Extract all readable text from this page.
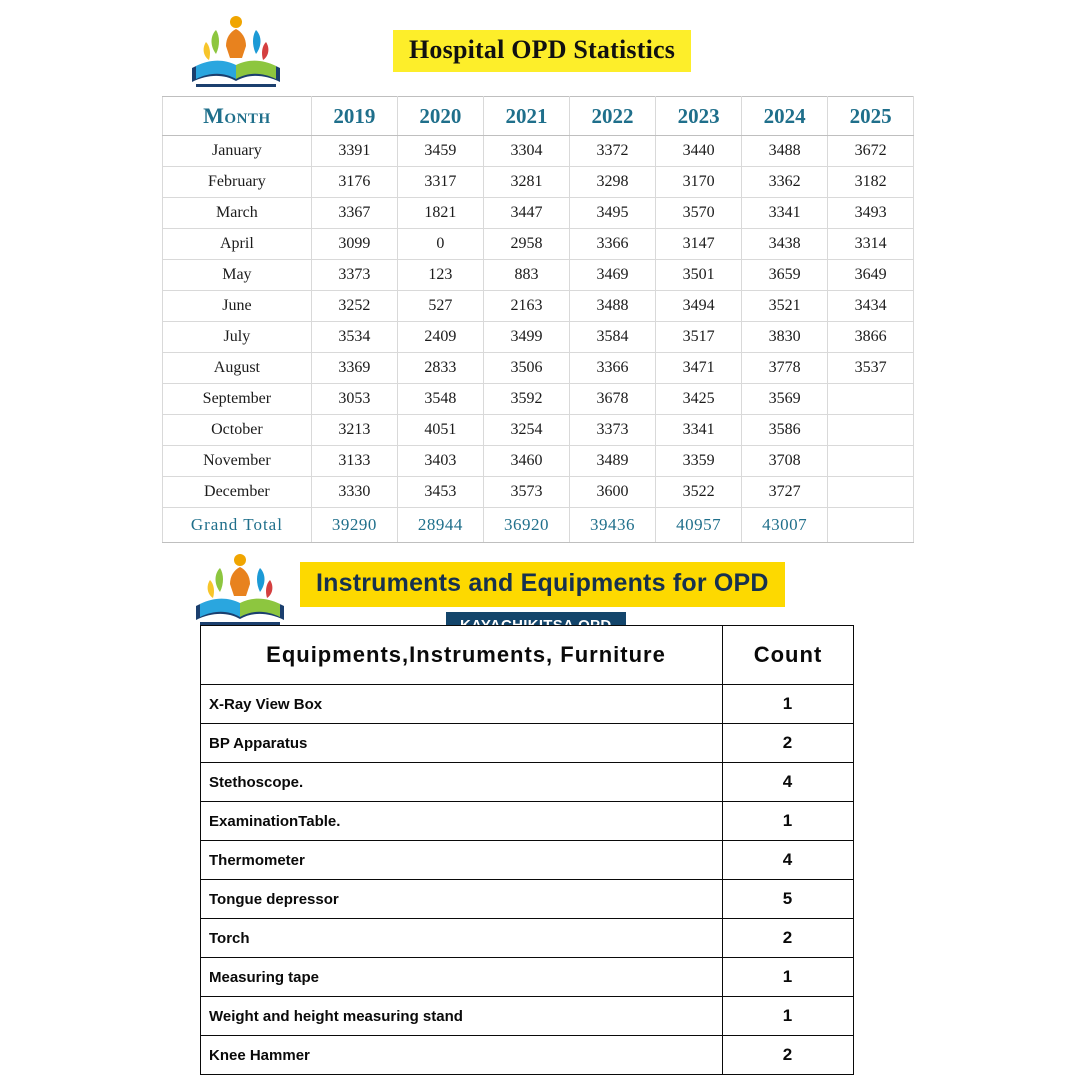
Hospital OPD Statistics
Month	2019	2020	2021	2022	2023	2024	2025
January	3391	3459	3304	3372	3440	3488	3672
February	3176	3317	3281	3298	3170	3362	3182
March	3367	1821	3447	3495	3570	3341	3493
April	3099	0	2958	3366	3147	3438	3314
May	3373	123	883	3469	3501	3659	3649
June	3252	527	2163	3488	3494	3521	3434
July	3534	2409	3499	3584	3517	3830	3866
August	3369	2833	3506	3366	3471	3778	3537
September	3053	3548	3592	3678	3425	3569	
October	3213	4051	3254	3373	3341	3586	
November	3133	3403	3460	3489	3359	3708	
December	3330	3453	3573	3600	3522	3727	
Grand Total	39290	28944	36920	39436	40957	43007	
Instruments and Equipments for OPD
Equipments,Instruments, Furniture	Count
X-Ray View Box	1
BP Apparatus	2
Stethoscope.	4
ExaminationTable.	1
Thermometer	4
Tongue depressor	5
Torch	2
Measuring tape	1
Weight and height measuring stand	1
Knee Hammer	2
